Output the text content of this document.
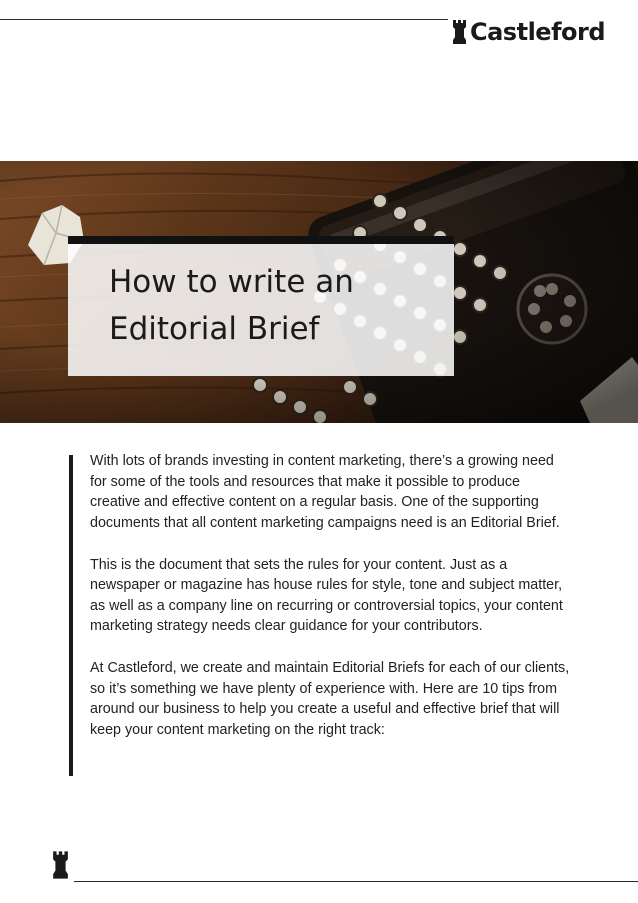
Castleford
How to write an
Editorial Brief

With lots of brands investing in content marketing, there’s a growing need for some of the tools and resources that make it possible to produce creative and effective content on a regular basis. One of the supporting documents that all content marketing campaigns need is an Editorial Brief.

This is the document that sets the rules for your content. Just as a newspaper or magazine has house rules for style, tone and subject matter, as well as a company line on recurring or controversial topics, your content marketing strategy needs clear guidance for your contributors.

At Castleford, we create and maintain Editorial Briefs for each of our clients, so it’s something we have plenty of experience with. Here are 10 tips from around our business to help you create a useful and effective brief that will keep your content marketing on the right track:
